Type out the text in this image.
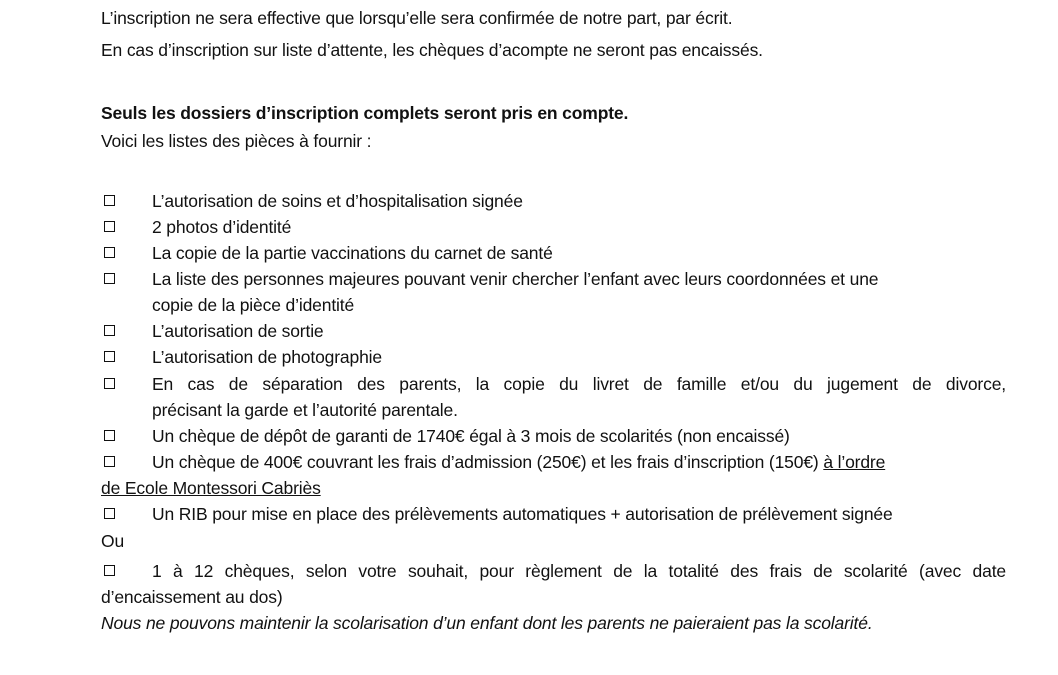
L’inscription ne sera effective que lorsqu’elle sera confirmée de notre part, par écrit.
En cas d’inscription sur liste d’attente, les chèques d’acompte ne seront pas encaissés.
Seuls les dossiers d’inscription complets seront pris en compte.
Voici les listes des pièces à fournir :
L’autorisation de soins et d’hospitalisation signée
2 photos d’identité
La copie de la partie vaccinations du carnet de santé
La liste des personnes majeures pouvant venir chercher l’enfant avec leurs coordonnées et une
copie de la pièce d’identité
L’autorisation de sortie
L’autorisation de photographie
En cas de séparation des parents, la copie du livret de famille et/ou du jugement de divorce,
précisant la garde et l’autorité parentale.
Un chèque de dépôt de garanti de 1740€ égal à 3 mois de scolarités (non encaissé)
Un chèque de 400€ couvrant les frais d’admission (250€) et les frais d’inscription (150€) à l’ordre
de Ecole Montessori Cabriès
Un RIB pour mise en place des prélèvements automatiques + autorisation de prélèvement signée
Ou
1 à 12 chèques, selon votre souhait, pour règlement de la totalité des frais de scolarité (avec date
d’encaissement au dos)
Nous ne pouvons maintenir la scolarisation d’un enfant dont les parents ne paieraient pas la scolarité.
